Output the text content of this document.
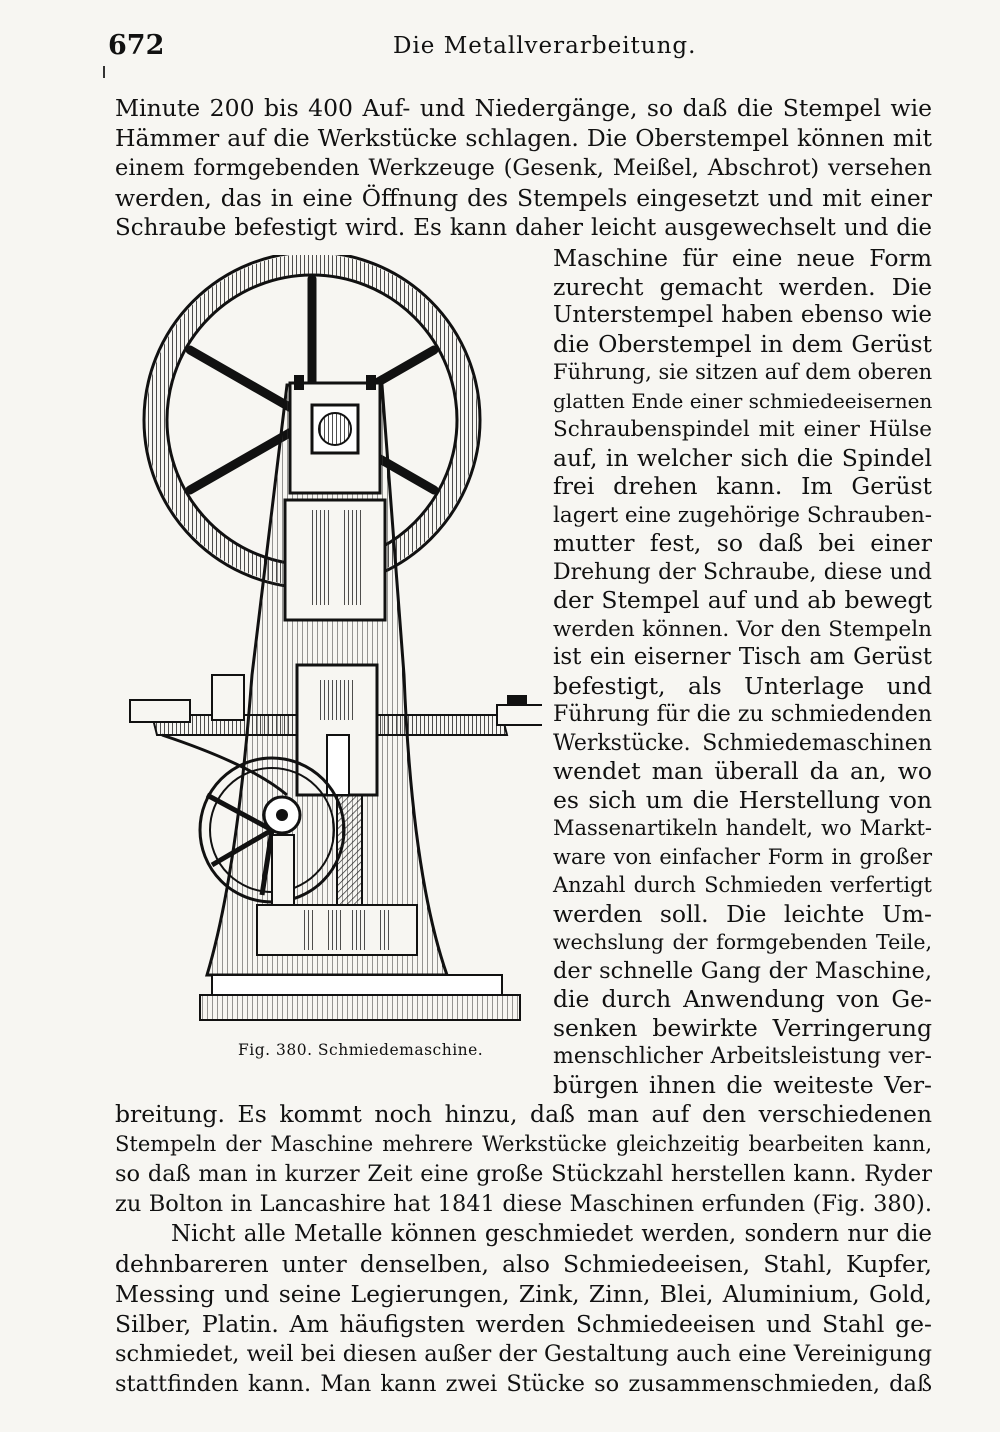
672	Die Metallverarbeitung.
Minute 200 bis 400 Auf- und Niedergänge, so daß die Stempel wie
Hämmer auf die Werkstücke schlagen. Die Oberstempel können mit
einem formgebenden Werkzeuge (Gesenk, Meißel, Abschrot) versehen
werden, das in eine Öffnung des Stempels eingesetzt und mit einer
Schraube befestigt wird. Es kann daher leicht ausgewechselt und die
Maschine für eine neue Form
zurecht gemacht werden. Die
Unterstempel haben ebenso wie
die Oberstempel in dem Gerüst
Führung, sie sitzen auf dem oberen
glatten Ende einer schmiedeeisernen
Schraubenspindel mit einer Hülse
auf, in welcher sich die Spindel
frei drehen kann. Im Gerüst
lagert eine zugehörige Schrauben-
mutter fest, so daß bei einer
Drehung der Schraube, diese und
der Stempel auf und ab bewegt
werden können. Vor den Stempeln
ist ein eiserner Tisch am Gerüst
befestigt, als Unterlage und
Führung für die zu schmiedenden
Werkstücke. Schmiedemaschinen
wendet man überall da an, wo
es sich um die Herstellung von
Massenartikeln handelt, wo Markt-
ware von einfacher Form in großer
Anzahl durch Schmieden verfertigt
werden soll. Die leichte Um-
wechslung der formgebenden Teile,
der schnelle Gang der Maschine,
die durch Anwendung von Ge-
senken bewirkte Verringerung
menschlicher Arbeitsleistung ver-
bürgen ihnen die weiteste Ver-
breitung. Es kommt noch hinzu, daß man auf den verschiedenen
Stempeln der Maschine mehrere Werkstücke gleichzeitig bearbeiten kann,
so daß man in kurzer Zeit eine große Stückzahl herstellen kann. Ryder
zu Bolton in Lancashire hat 1841 diese Maschinen erfunden (Fig. 380).
Nicht alle Metalle können geschmiedet werden, sondern nur die
dehnbareren unter denselben, also Schmiedeeisen, Stahl, Kupfer,
Messing und seine Legierungen, Zink, Zinn, Blei, Aluminium, Gold,
Silber, Platin. Am häufigsten werden Schmiedeeisen und Stahl ge-
schmiedet, weil bei diesen außer der Gestaltung auch eine Vereinigung
stattfinden kann. Man kann zwei Stücke so zusammenschmieden, daß
Fig. 380. Schmiedemaschine.
